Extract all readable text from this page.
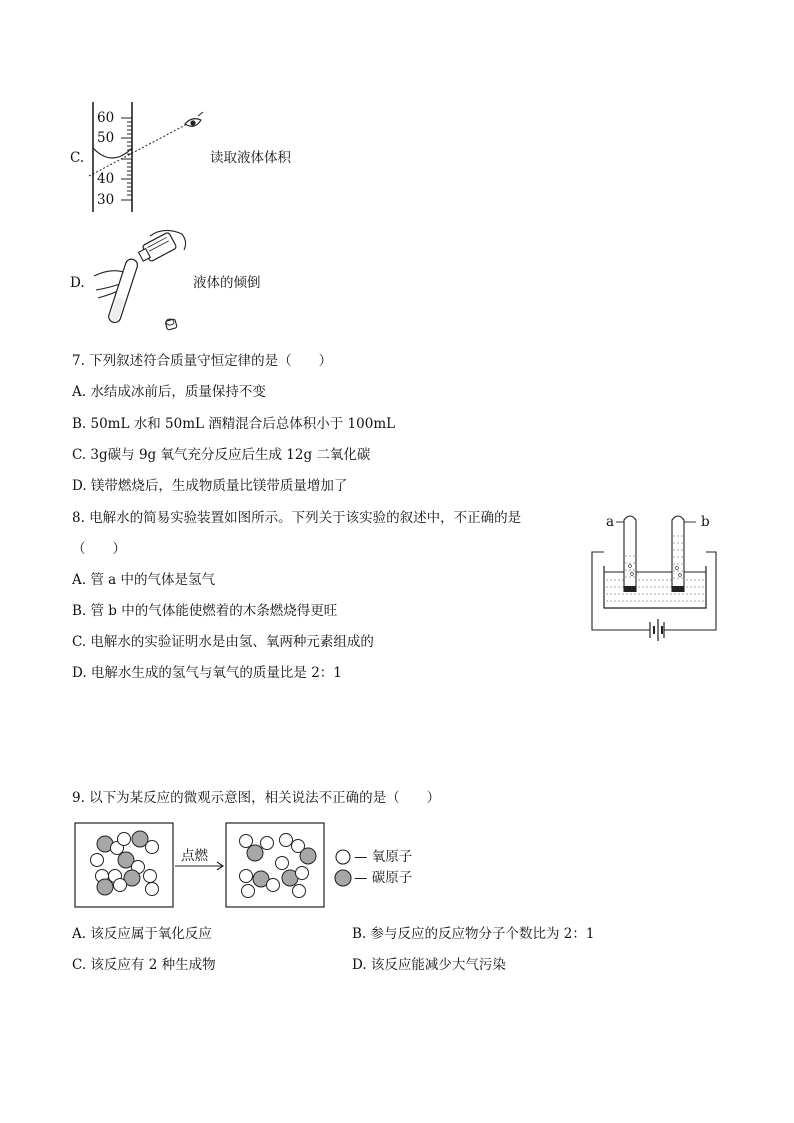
C.
60
50
40
30
读取液体体积
D.	液体的倾倒
7. 下列叙述符合质量守恒定律的是（　　）
A. 水结成冰前后，质量保持不变
B. 50mL 水和 50mL 酒精混合后总体积小于 100mL
C. 3g碳与 9g 氧气充分反应后生成 12g 二氧化碳
D. 镁带燃烧后，生成物质量比镁带质量增加了
8. 电解水的简易实验装置如图所示。下列关于该实验的叙述中，不正确的是
（　　）
A. 管 a 中的气体是氢气
B. 管 b 中的气体能使燃着的木条燃烧得更旺
C. 电解水的实验证明水是由氢、氧两种元素组成的
D. 电解水生成的氢气与氧气的质量比是 2：1
a	b
9. 以下为某反应的微观示意图，相关说法不正确的是（　　）
点燃	— 氧原子
— 碳原子
A. 该反应属于氧化反应	B. 参与反应的反应物分子个数比为 2：1
C. 该反应有 2 种生成物	D. 该反应能减少大气污染
